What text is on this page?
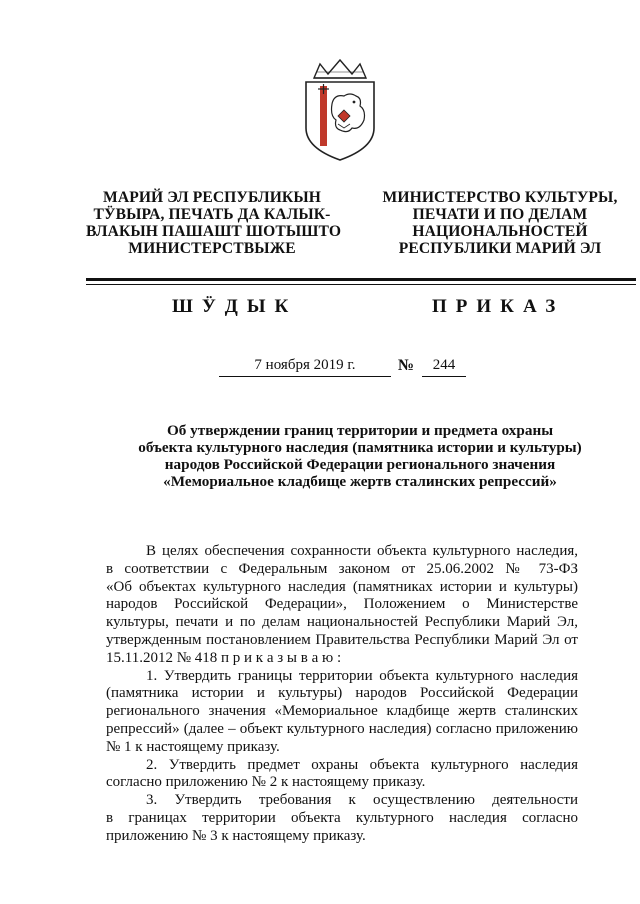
МАРИЙ ЭЛ РЕСПУБЛИКЫН
ТӰВЫРА, ПЕЧАТЬ ДА КАЛЫК-
ВЛАКЫН ПАШАШТ ШОТЫШТО
МИНИСТЕРСТВЫЖЕ
МИНИСТЕРСТВО КУЛЬТУРЫ,
ПЕЧАТИ И ПО ДЕЛАМ
НАЦИОНАЛЬНОСТЕЙ
РЕСПУБЛИКИ МАРИЙ ЭЛ
ШӰДЫК	ПРИКАЗ
7 ноября 2019 г.	№	244
Об утверждении границ территории и предмета охраны
объекта культурного наследия (памятника истории и культуры)
народов Российской Федерации регионального значения
«Мемориальное кладбище жертв сталинских репрессий»

В целях обеспечения сохранности объекта культурного наследия,

в соответствии с Федеральным законом от 25.06.2002 № 73-ФЗ

«Об объектах культурного наследия (памятниках истории и культуры)

народов Российской Федерации», Положением о Министерстве

культуры, печати и по делам национальностей Республики Марий Эл,

утвержденным постановлением Правительства Республики Марий Эл от

15.11.2012 № 418 п р и к а з ы в а ю :

1. Утвердить границы территории объекта культурного наследия

(памятника истории и культуры) народов Российской Федерации

регионального значения «Мемориальное кладбище жертв сталинских

репрессий» (далее – объект культурного наследия) согласно приложению

№ 1 к настоящему приказу.

2. Утвердить предмет охраны объекта культурного наследия

согласно приложению № 2 к настоящему приказу.

3. Утвердить требования к осуществлению деятельности

в границах территории объекта культурного наследия согласно

приложению № 3 к настоящему приказу.
